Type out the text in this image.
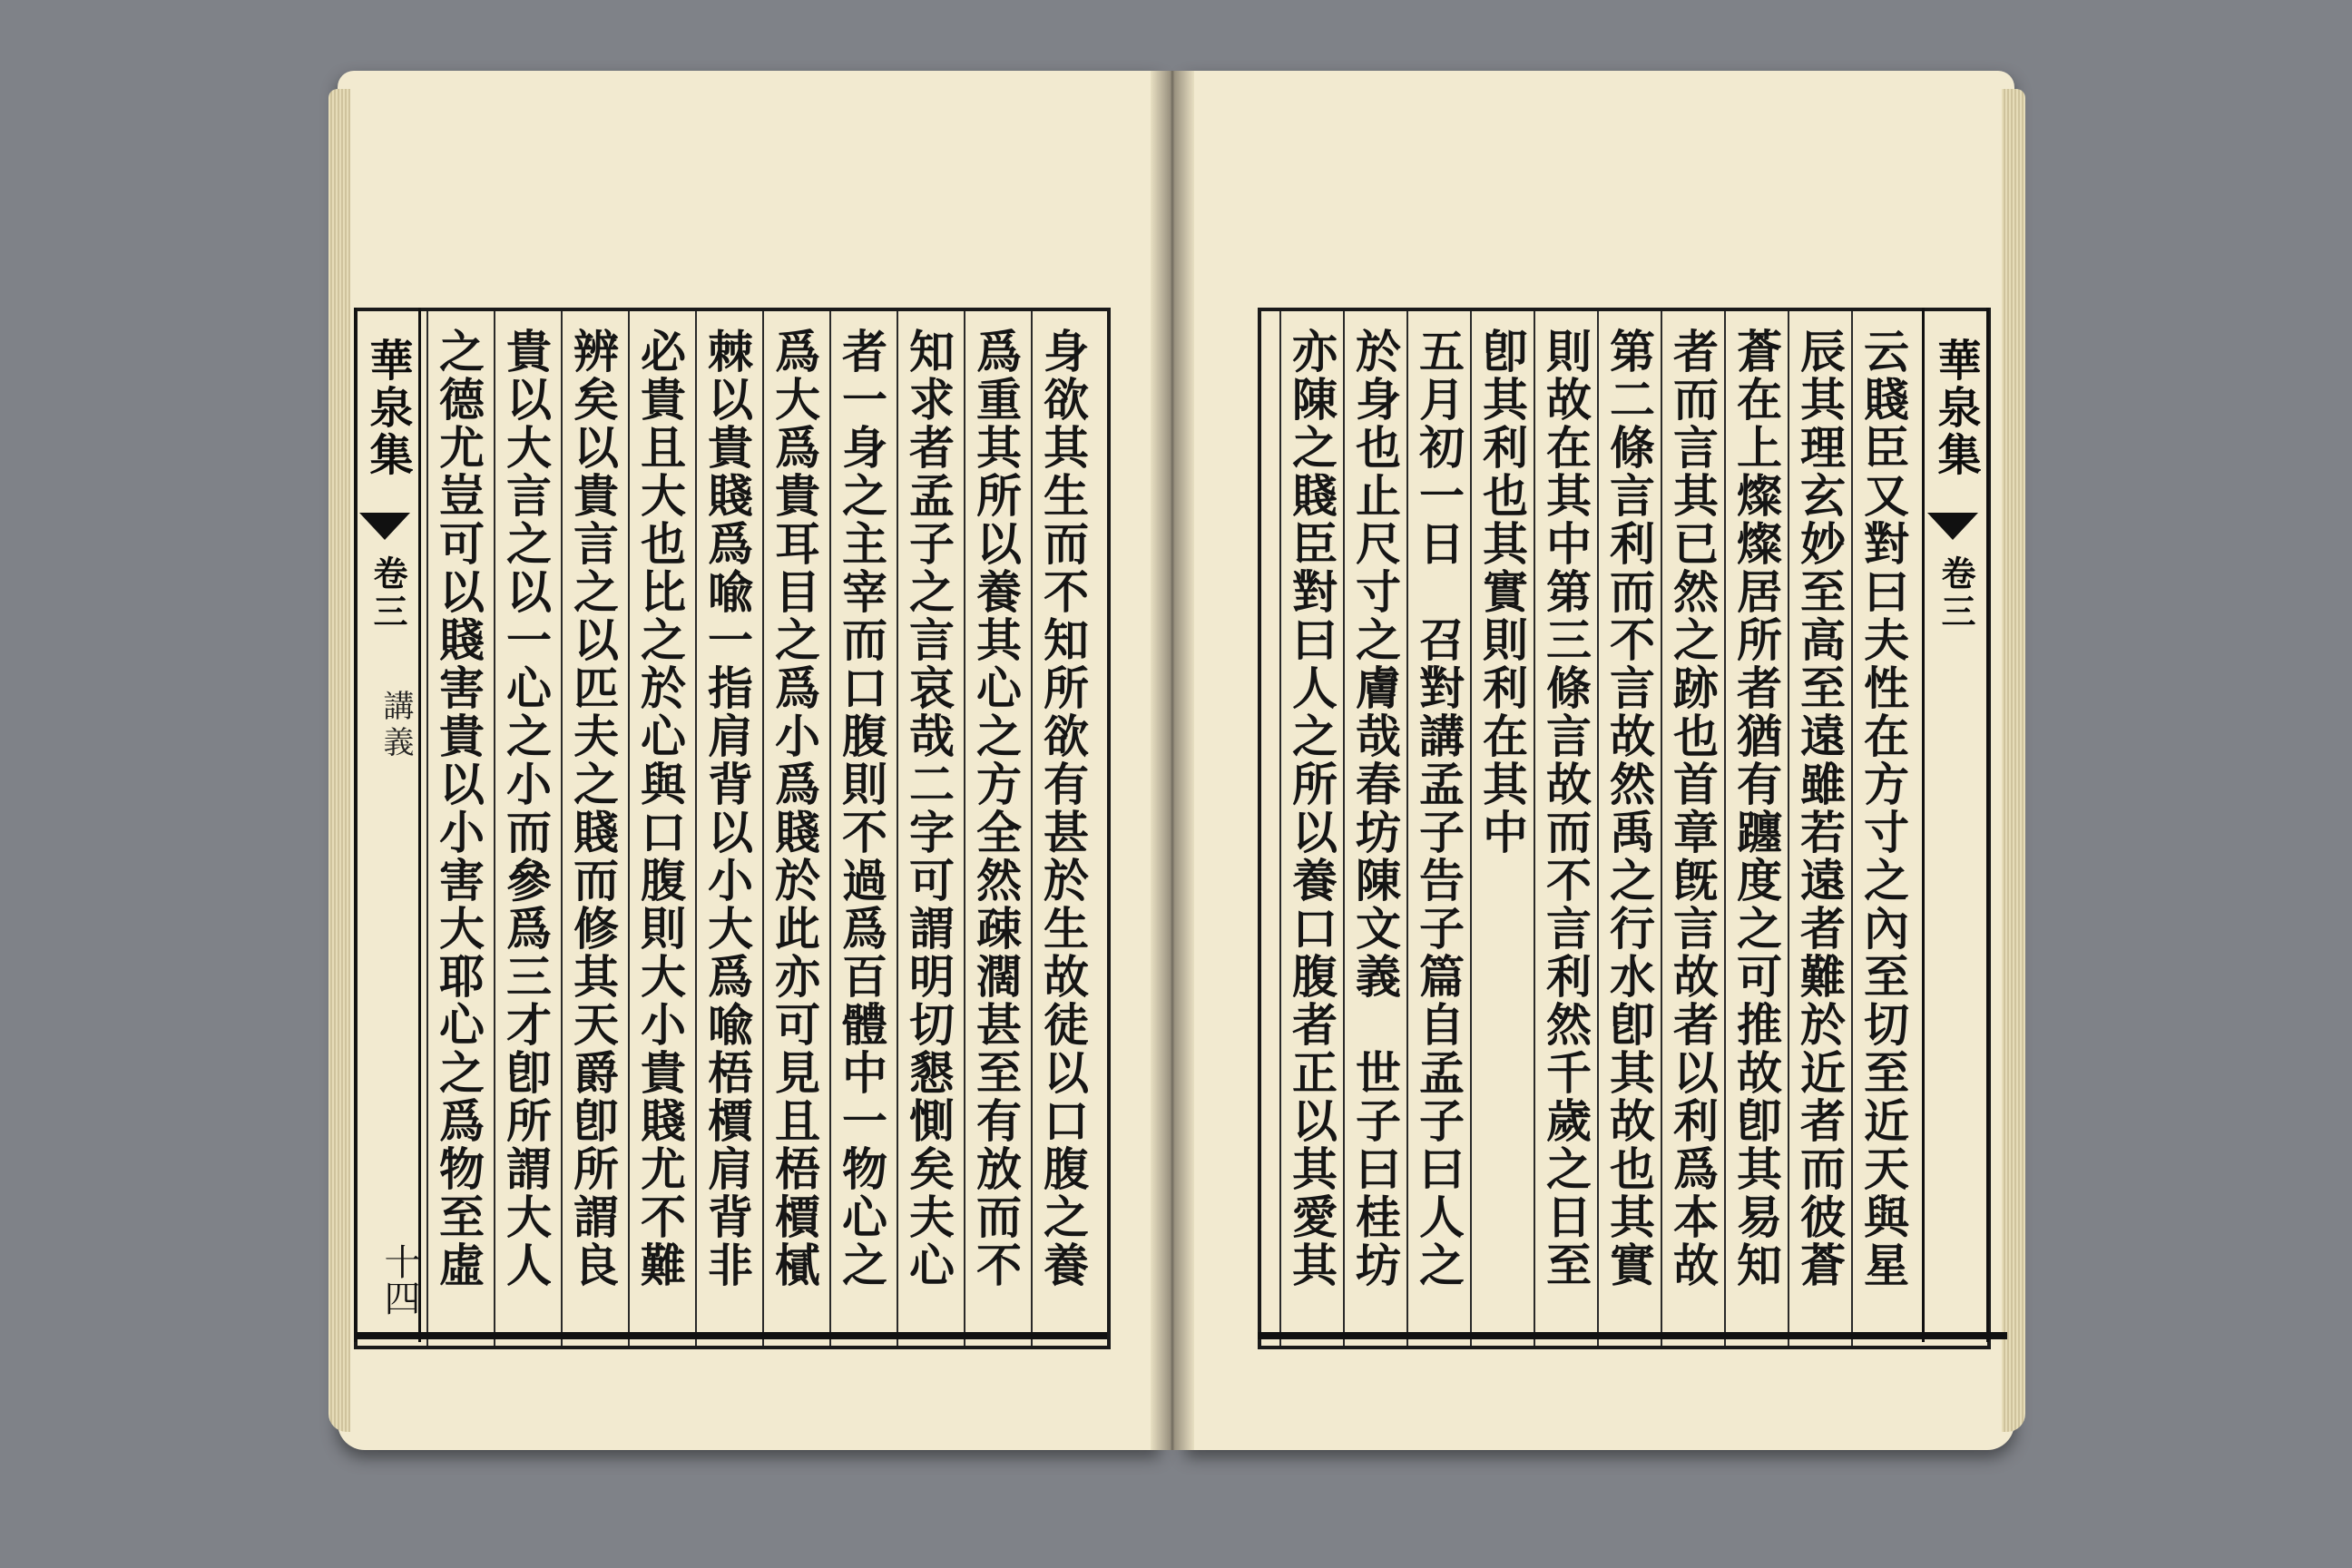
身欲其生而不知所欲有甚於生故徒以口腹之養
爲重其所以養其心之方全然疎濶甚至有放而不
知求者孟子之言哀哉二字可謂明切懇惻矣夫心
者一身之主宰而口腹則不過爲百體中一物心之
爲大爲貴耳目之爲小爲賤於此亦可見且梧檟樲
棘以貴賤爲喩一指肩背以小大爲喩梧檟肩背非
必貴且大也比之於心與口腹則大小貴賤尤不難
辨矣以貴言之以匹夫之賤而修其天爵卽所謂良
貴以大言之以一心之小而參爲三才卽所謂大人
之德尤豈可以賤害貴以小害大耶心之爲物至虛
華泉集
卷三
講義
十四	云賤臣又對曰夫性在方寸之內至切至近天與星
辰其理玄妙至高至遠雖若遠者難於近者而彼蒼
蒼在上燦燦居所者猶有躔度之可推故卽其易知
者而言其已然之跡也首章旣言故者以利爲本故
第二條言利而不言故然禹之行水卽其故也其實
則故在其中第三條言故而不言利然千歲之日至
卽其利也其實則利在其中
五月初一日　召對講孟子告子篇自孟子曰人之
於身也止尺寸之膚哉春坊陳文義　世子曰桂坊
亦陳之賤臣對曰人之所以養口腹者正以其愛其	華泉集
卷三
